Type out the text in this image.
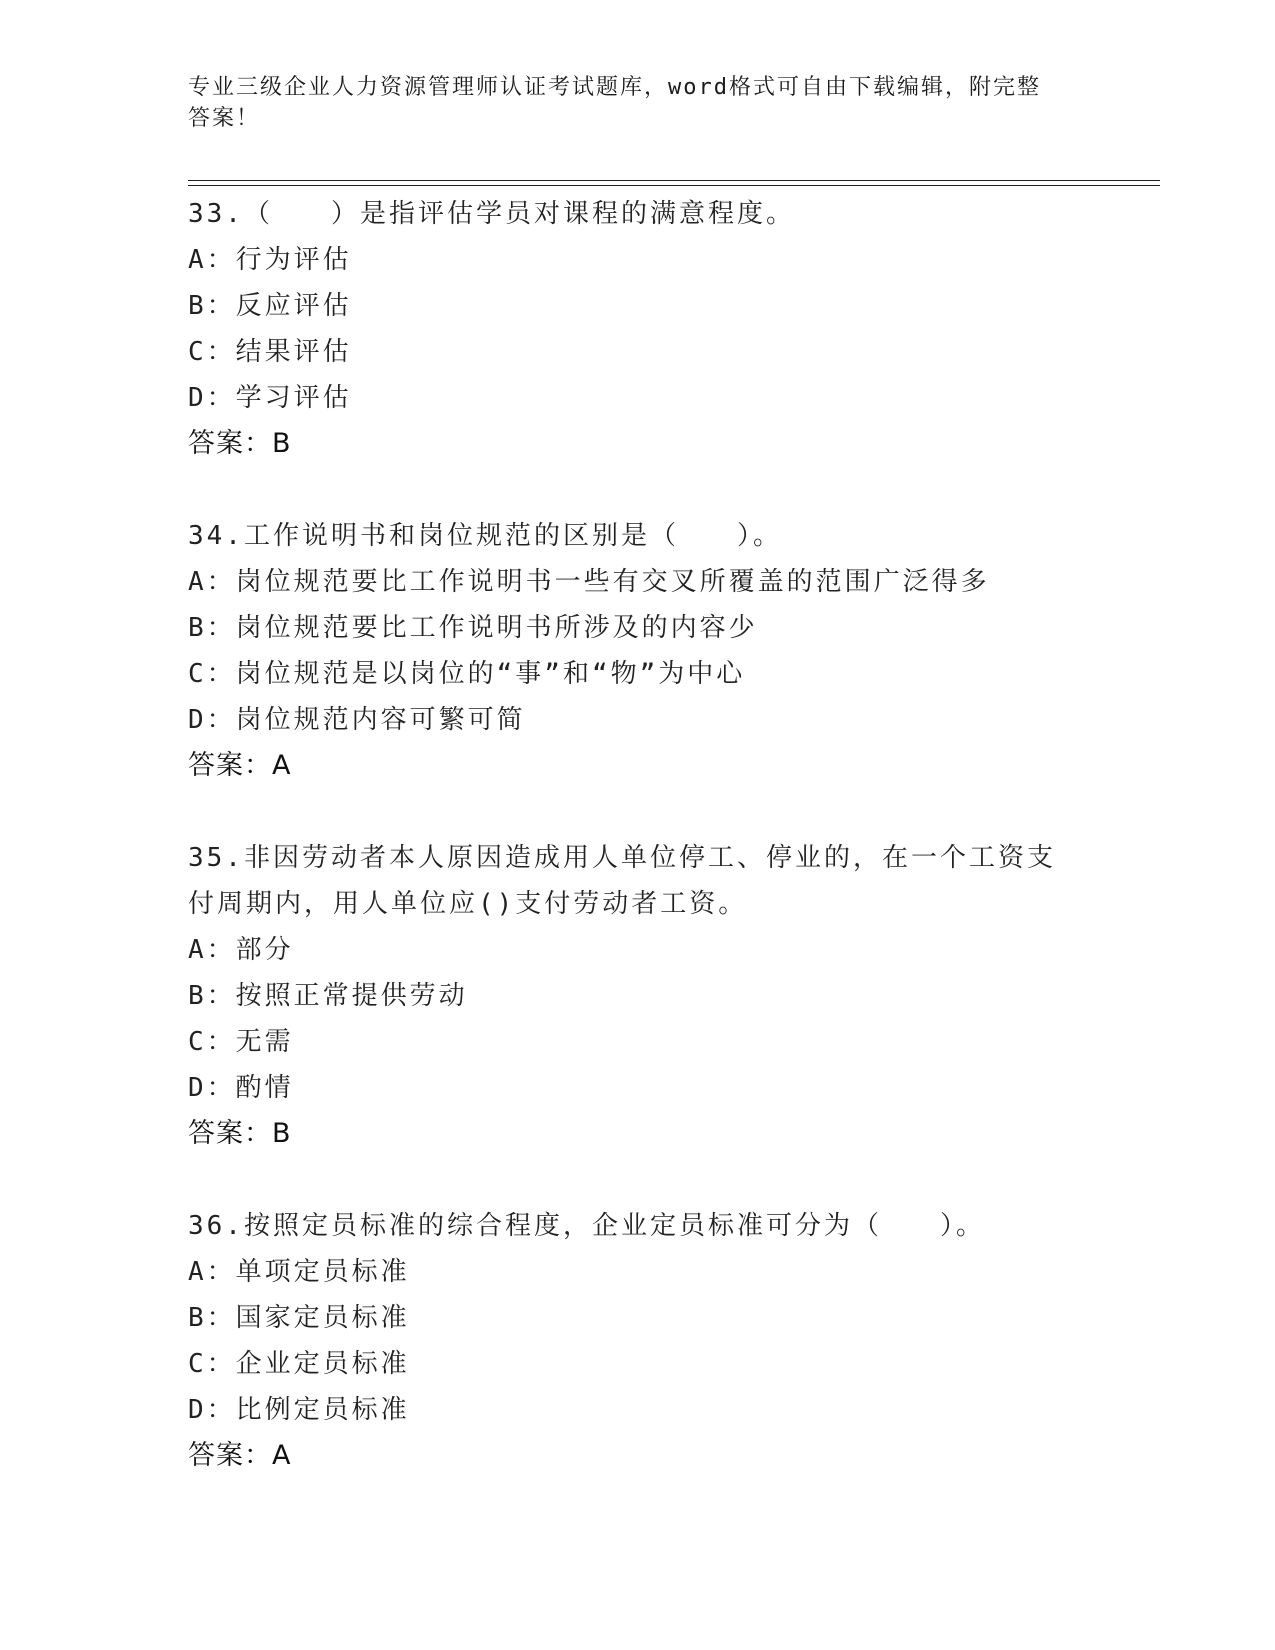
专业三级企业人力资源管理师认证考试题库，word格式可自由下载编辑，附完整
答案！
33.（　　）是指评估学员对课程的满意程度。
A：行为评估
B：反应评估
C：结果评估
D：学习评估
答案：B
34.工作说明书和岗位规范的区别是（　　）。
A：岗位规范要比工作说明书一些有交叉所覆盖的范围广泛得多
B：岗位规范要比工作说明书所涉及的内容少
C：岗位规范是以岗位的“事”和“物”为中心
D：岗位规范内容可繁可简
答案：A
35.非因劳动者本人原因造成用人单位停工、停业的，在一个工资支付周期内，用人单位应()支付劳动者工资。
A：部分
B：按照正常提供劳动
C：无需
D：酌情
答案：B
36.按照定员标准的综合程度，企业定员标准可分为（　　）。
A：单项定员标准
B：国家定员标准
C：企业定员标准
D：比例定员标准
答案：A
